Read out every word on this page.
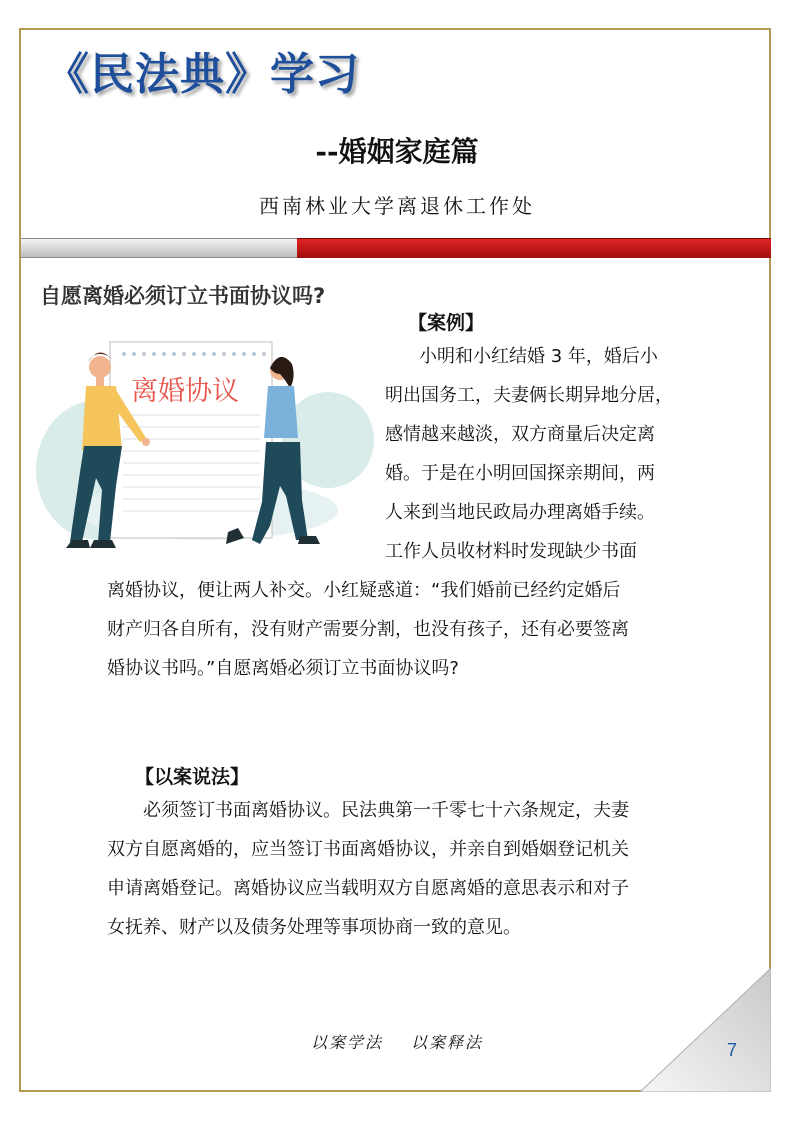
《民法典》学习
--婚姻家庭篇
西南林业大学离退休工作处
离婚协议
自愿离婚必须订立书面协议吗?
【案例】
小明和小红结婚 3 年，婚后小
明出国务工，夫妻俩长期异地分居，
感情越来越淡，双方商量后决定离
婚。于是在小明回国探亲期间，两
人来到当地民政局办理离婚手续。
工作人员收材料时发现缺少书面
离婚协议，便让两人补交。小红疑惑道：“我们婚前已经约定婚后
财产归各自所有，没有财产需要分割，也没有孩子，还有必要签离
婚协议书吗。”自愿离婚必须订立书面协议吗?
【以案说法】
必须签订书面离婚协议。民法典第一千零七十六条规定，夫妻
双方自愿离婚的，应当签订书面离婚协议，并亲自到婚姻登记机关
申请离婚登记。离婚协议应当载明双方自愿离婚的意思表示和对子
女抚养、财产以及债务处理等事项协商一致的意见。
以案学法 以案释法	7
